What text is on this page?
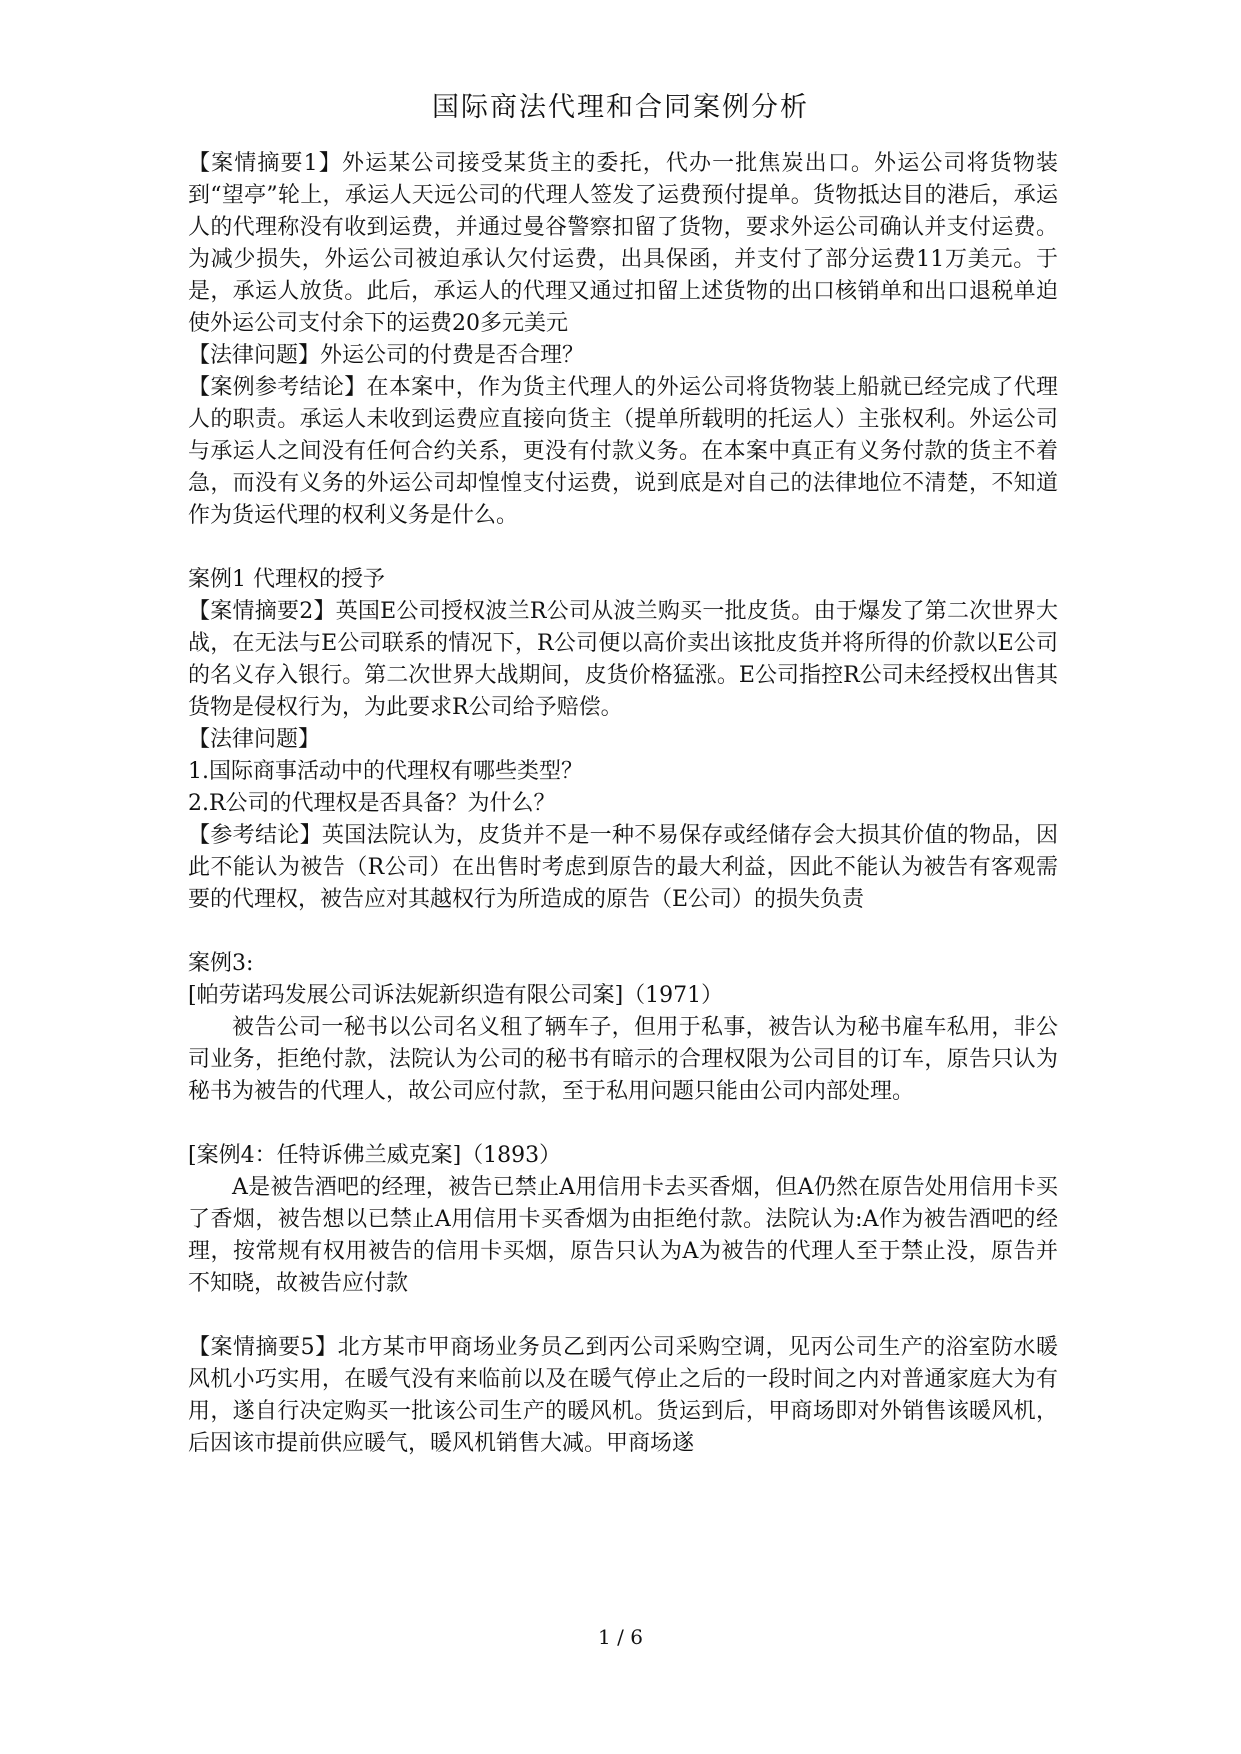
国际商法代理和合同案例分析

【案情摘要1】外运某公司接受某货主的委托，代办一批焦炭出口。外运公司将货物装到“望亭”轮上，承运人天远公司的代理人签发了运费预付提单。货物抵达目的港后，承运人的代理称没有收到运费，并通过曼谷警察扣留了货物，要求外运公司确认并支付运费。为减少损失，外运公司被迫承认欠付运费，出具保函，并支付了部分运费11万美元。于是，承运人放货。此后，承运人的代理又通过扣留上述货物的出口核销单和出口退税单迫使外运公司支付余下的运费20多元美元

【法律问题】外运公司的付费是否合理？

【案例参考结论】在本案中，作为货主代理人的外运公司将货物装上船就已经完成了代理人的职责。承运人未收到运费应直接向货主（提单所载明的托运人）主张权利。外运公司与承运人之间没有任何合约关系，更没有付款义务。在本案中真正有义务付款的货主不着急，而没有义务的外运公司却惶惶支付运费，说到底是对自己的法律地位不清楚，不知道作为货运代理的权利义务是什么。

案例1 代理权的授予

【案情摘要2】英国E公司授权波兰R公司从波兰购买一批皮货。由于爆发了第二次世界大战，在无法与E公司联系的情况下，R公司便以高价卖出该批皮货并将所得的价款以E公司的名义存入银行。第二次世界大战期间，皮货价格猛涨。E公司指控R公司未经授权出售其货物是侵权行为，为此要求R公司给予赔偿。

【法律问题】

1.国际商事活动中的代理权有哪些类型？

2.R公司的代理权是否具备？为什么？

【参考结论】英国法院认为，皮货并不是一种不易保存或经储存会大损其价值的物品，因此不能认为被告（R公司）在出售时考虑到原告的最大利益，因此不能认为被告有客观需要的代理权，被告应对其越权行为所造成的原告（E公司）的损失负责

案例3:

[帕劳诺玛发展公司诉法妮新织造有限公司案]（1971）

被告公司一秘书以公司名义租了辆车子，但用于私事，被告认为秘书雇车私用，非公司业务，拒绝付款，法院认为公司的秘书有暗示的合理权限为公司目的订车，原告只认为秘书为被告的代理人，故公司应付款，至于私用问题只能由公司内部处理。

[案例4：任特诉佛兰威克案]（1893）

A是被告酒吧的经理，被告已禁止A用信用卡去买香烟，但A仍然在原告处用信用卡买了香烟，被告想以已禁止A用信用卡买香烟为由拒绝付款。法院认为:A作为被告酒吧的经理，按常规有权用被告的信用卡买烟，原告只认为A为被告的代理人至于禁止没，原告并不知晓，故被告应付款

【案情摘要5】北方某市甲商场业务员乙到丙公司采购空调，见丙公司生产的浴室防水暖风机小巧实用，在暖气没有来临前以及在暖气停止之后的一段时间之内对普通家庭大为有用，遂自行决定购买一批该公司生产的暖风机。货运到后，甲商场即对外销售该暖风机，后因该市提前供应暖气，暖风机销售大减。甲商场遂

1 / 6
